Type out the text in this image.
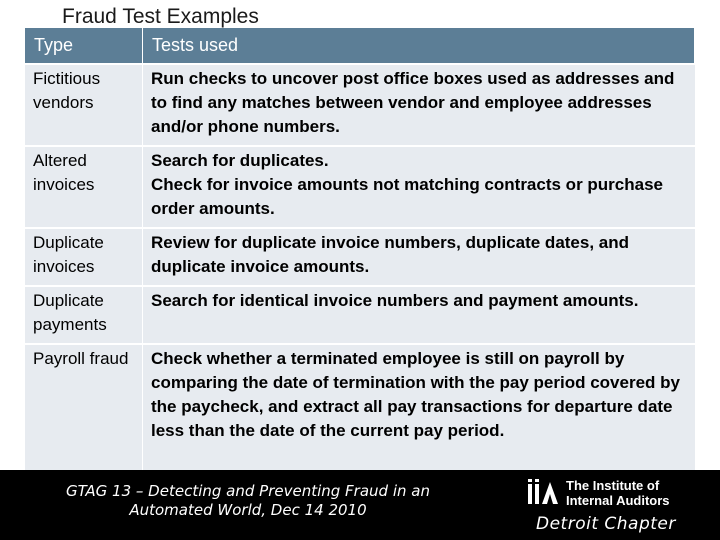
Fraud Test Examples
Type	Tests used
Fictitious vendors	Run checks to uncover post office boxes used as addresses and to find any matches between vendor and employee addresses and/or phone numbers.
Altered invoices	Search for duplicates.
Check for invoice amounts not matching contracts or purchase order amounts.
Duplicate invoices	Review for duplicate invoice numbers, duplicate dates, and duplicate invoice amounts.
Duplicate payments	Search for identical invoice numbers and payment amounts.
Payroll fraud	Check whether a terminated employee is still on payroll by comparing the date of termination with the pay period covered by the paycheck, and extract all pay transactions for departure date less than the date of the current pay period.
GTAG 13 – Detecting and Preventing Fraud in an
Automated World, Dec 14 2010
The Institute of
Internal Auditors
Detroit Chapter
